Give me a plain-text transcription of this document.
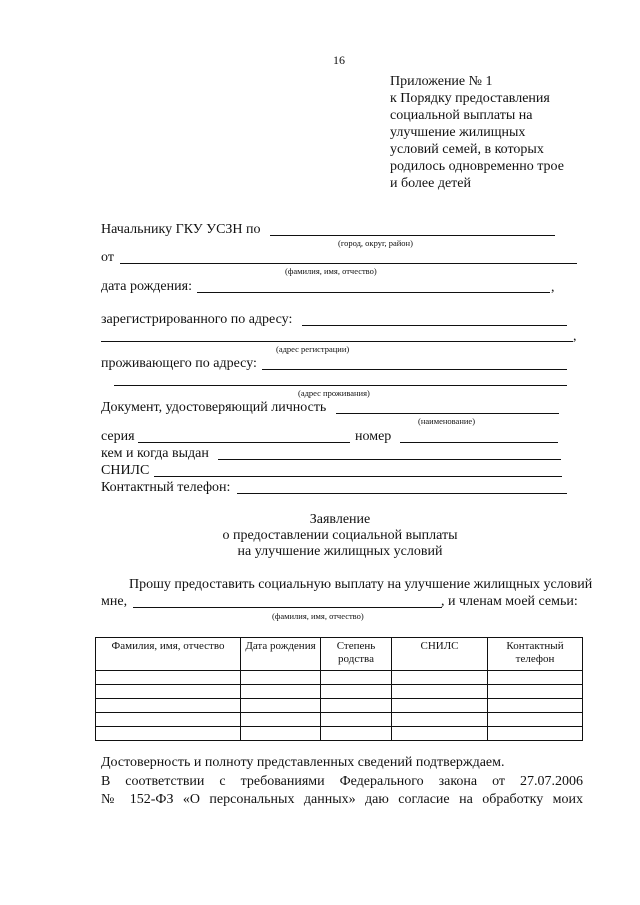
16
Приложение № 1
к Порядку предоставления
социальной выплаты на
улучшение жилищных
условий семей, в которых
родилось одновременно трое
и более детей
Начальнику ГКУ УСЗН по
(город, округ, район)
от
(фамилия, имя, отчество)
дата рождения:	,
зарегистрированного по адресу:
,
(адрес регистрации)
проживающего по адресу:
(адрес проживания)
Документ, удостоверяющий личность
(наименование)
серия	номер
кем и когда выдан
СНИЛС
Контактный телефон:
Заявление
о предоставлении социальной выплаты
на улучшение жилищных условий
Прошу предоставить социальную выплату на улучшение жилищных условий
мне,	, и членам моей семьи:
(фамилия, имя, отчество)
Фамилия, имя, отчество	Дата рождения	Степень родства	СНИЛС	Контактный телефон

Достоверность и полноту представленных сведений подтверждаем.
В соответствии с требованиями Федерального закона от 27.07.2006
№ 152-ФЗ «О персональных данных» даю согласие на обработку моих
